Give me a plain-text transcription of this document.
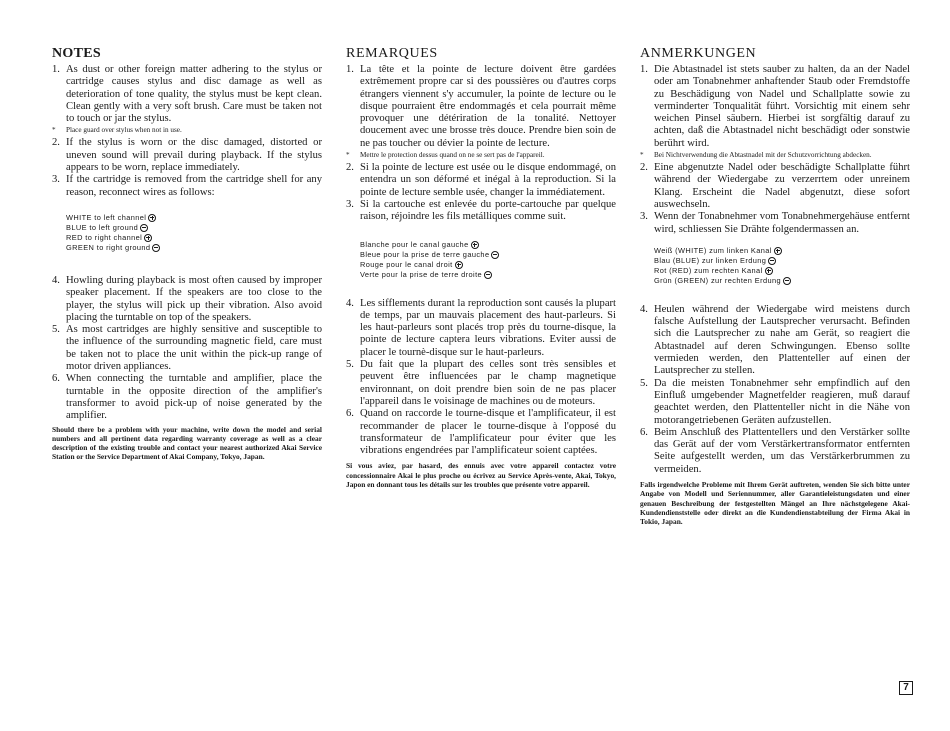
NOTES
1. As dust or other foreign matter adhering to the stylus or cartridge causes stylus and disc damage as well as deterioration of tone quality, the stylus must be kept clean. Clean gently with a very soft brush. Care must be taken not to touch or jar the stylus.
*	Place guard over stylus when not in use.
2. If the stylus is worn or the disc damaged, distorted or uneven sound will prevail during playback. If the stylus appears to be worn, replace immediately.
3. If the cartridge is removed from the cartridge shell for any reason, reconnect wires as follows:
WHITE to left channel
BLUE to left ground
RED to right channel
GREEN to right ground
4. Howling during playback is most often caused by improper speaker placement. If the speakers are too close to the player, the stylus will pick up their vibration. Also avoid placing the turntable on top of the speakers.
5. As most cartridges are highly sensitive and susceptible to the influence of the surrounding magnetic field, care must be taken not to place the unit within the pick-up range of motor driven appliances.
6. When connecting the turntable and amplifier, place the turntable in the opposite direction of the amplifier's transformer to avoid pick-up of noise generated by the amplifier.
Should there be a problem with your machine, write down the model and serial numbers and all pertinent data regarding warranty coverage as well as a clear description of the existing trouble and contact your nearest authorized Akai Service Station or the Service Department of Akai Company, Tokyo, Japan.
REMARQUES
1. La tête et la pointe de lecture doivent être gardées extrêmement propre car si des poussières ou d'autres corps étrangers viennent s'y accumuler, la pointe de lecture ou le disque pourraient être endommagés et cela pourrait même provoquer une détériration de la tonalité. Nettoyer doucement avec une brosse très douce. Prendre bien soin de ne pas toucher ou dévier la pointe de lecture.
*	Mettre le protection dessus quand on ne se sert pas de l'appareil.
2. Si la pointe de lecture est usée ou le disque endommagé, on entendra un son déformé et inégal à la reproduction. Si la pointe de lecture semble usée, changer la immédiatement.
3. Si la cartouche est enlevée du porte-cartouche par quelque raison, réjoindre les fils metálliques comme suit.
Blanche pour le canal gauche
Bleue pour la prise de terre gauche
Rouge pour le canal droit
Verte pour la prise de terre droite
4. Les sifflements durant la reproduction sont causés la plupart de temps, par un mauvais placement des haut-parleurs. Si les haut-parleurs sont placés trop près du tourne-disque, la pointe de lecture captera leurs vibrations. Eviter aussi de placer le tournè-disque sur le haut-parleurs.
5. Du fait que la plupart des celles sont très sensibles et peuvent être influencées par le champ magnetique environnant, on doit prendre bien soin de ne pas placer l'appareil dans le voisinage de machines ou de moteurs.
6. Quand on raccorde le tourne-disque et l'amplificateur, il est recommander de placer le tourne-disque à l'opposé du transformateur de l'amplificateur pour éviter que les vibrations engendrées par l'amplificateur soient captées.
Si vous aviez, par hasard, des ennuis avec votre appareil contactez votre concessionnaire Akai le plus proche ou écrivez au Service Après-vente, Akai, Tokyo, Japon en donnant tous les détails sur les troubles que présente votre appareil.
ANMERKUNGEN
1. Die Abtastnadel ist stets sauber zu halten, da an der Nadel oder am Tonabnehmer anhaftender Staub oder Fremdstoffe zu Beschädigung von Nadel und Schallplatte sowie zu verminderter Tonqualität führt. Vorsichtig mit einem sehr weichen Pinsel säubern. Hierbei ist sorgfältig darauf zu achten, daß die Abtastnadel nicht beschädigt oder sonstwie berührt wird.
*	Bei Nichtverwendung die Abtastnadel mit der Schutzvorrichtung abdecken.
2. Eine abgenutzte Nadel oder beschädigte Schallplatte führt während der Wiedergabe zu verzerrtem oder unreinem Klang. Erscheint die Nadel abgenutzt, diese sofort auswechseln.
3. Wenn der Tonabnehmer vom Tonabnehmergehäuse entfernt wird, schliessen Sie Drähte folgendermassen an.
Weiß (WHITE) zum linken Kanal
Blau (BLUE) zur linken Erdung
Rot (RED) zum rechten Kanal
Grün (GREEN) zur rechten Erdung
4. Heulen während der Wiedergabe wird meistens durch falsche Aufstellung der Lautsprecher verursacht. Befinden sich die Lautsprecher zu nahe am Gerät, so reagiert die Abtastnadel auf deren Schwingungen. Ebenso sollte vermieden werden, den Plattenteller auf einen der Lautsprecher zu stellen.
5. Da die meisten Tonabnehmer sehr empfindlich auf den Einfluß umgebender Magnetfelder reagieren, muß darauf geachtet werden, den Plattenteller nicht in die Nähe von motorangetriebenen Geräten aufzustellen.
6. Beim Anschluß des Plattentellers und den Verstärker sollte das Gerät auf der vom Verstärkertransformator entfernten Seite aufgestellt werden, um das Verstärkerbrummen zu vermeiden.
Falls irgendwelche Probleme mit Ihrem Gerät auftreten, wenden Sie sich bitte unter Angabe von Modell und Seriennummer, aller Garantieleistungsdaten und einer genauen Beschreibung der festgestellten Mängel an Ihre nächstgelegene Akai-Kundendienststelle oder direkt an die Kundendienstabteilung der Firma Akai in Tokio, Japan.
7
